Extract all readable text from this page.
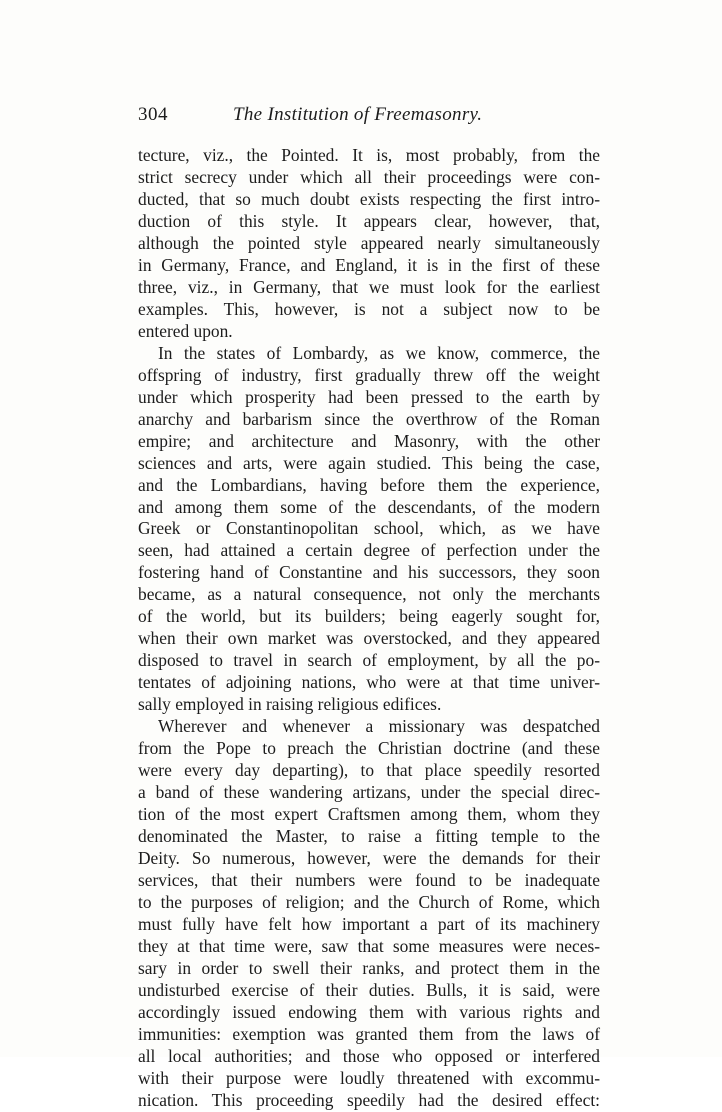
304	The Institution of Freemasonry.
tecture, viz., the Pointed. It is, most probably, from the
strict secrecy under which all their proceedings were con-
ducted, that so much doubt exists respecting the first intro-
duction of this style. It appears clear, however, that,
although the pointed style appeared nearly simultaneously
in Germany, France, and England, it is in the first of these
three, viz., in Germany, that we must look for the earliest
examples. This, however, is not a subject now to be
entered upon.
In the states of Lombardy, as we know, commerce, the
offspring of industry, first gradually threw off the weight
under which prosperity had been pressed to the earth by
anarchy and barbarism since the overthrow of the Roman
empire; and architecture and Masonry, with the other
sciences and arts, were again studied. This being the case,
and the Lombardians, having before them the experience,
and among them some of the descendants, of the modern
Greek or Constantinopolitan school, which, as we have
seen, had attained a certain degree of perfection under the
fostering hand of Constantine and his successors, they soon
became, as a natural consequence, not only the merchants
of the world, but its builders; being eagerly sought for,
when their own market was overstocked, and they appeared
disposed to travel in search of employment, by all the po-
tentates of adjoining nations, who were at that time univer-
sally employed in raising religious edifices.
Wherever and whenever a missionary was despatched
from the Pope to preach the Christian doctrine (and these
were every day departing), to that place speedily resorted
a band of these wandering artizans, under the special direc-
tion of the most expert Craftsmen among them, whom they
denominated the Master, to raise a fitting temple to the
Deity. So numerous, however, were the demands for their
services, that their numbers were found to be inadequate
to the purposes of religion; and the Church of Rome, which
must fully have felt how important a part of its machinery
they at that time were, saw that some measures were neces-
sary in order to swell their ranks, and protect them in the
undisturbed exercise of their duties. Bulls, it is said, were
accordingly issued endowing them with various rights and
immunities: exemption was granted them from the laws of
all local authorities; and those who opposed or interfered
with their purpose were loudly threatened with excommu-
nication. This proceeding speedily had the desired effect:
